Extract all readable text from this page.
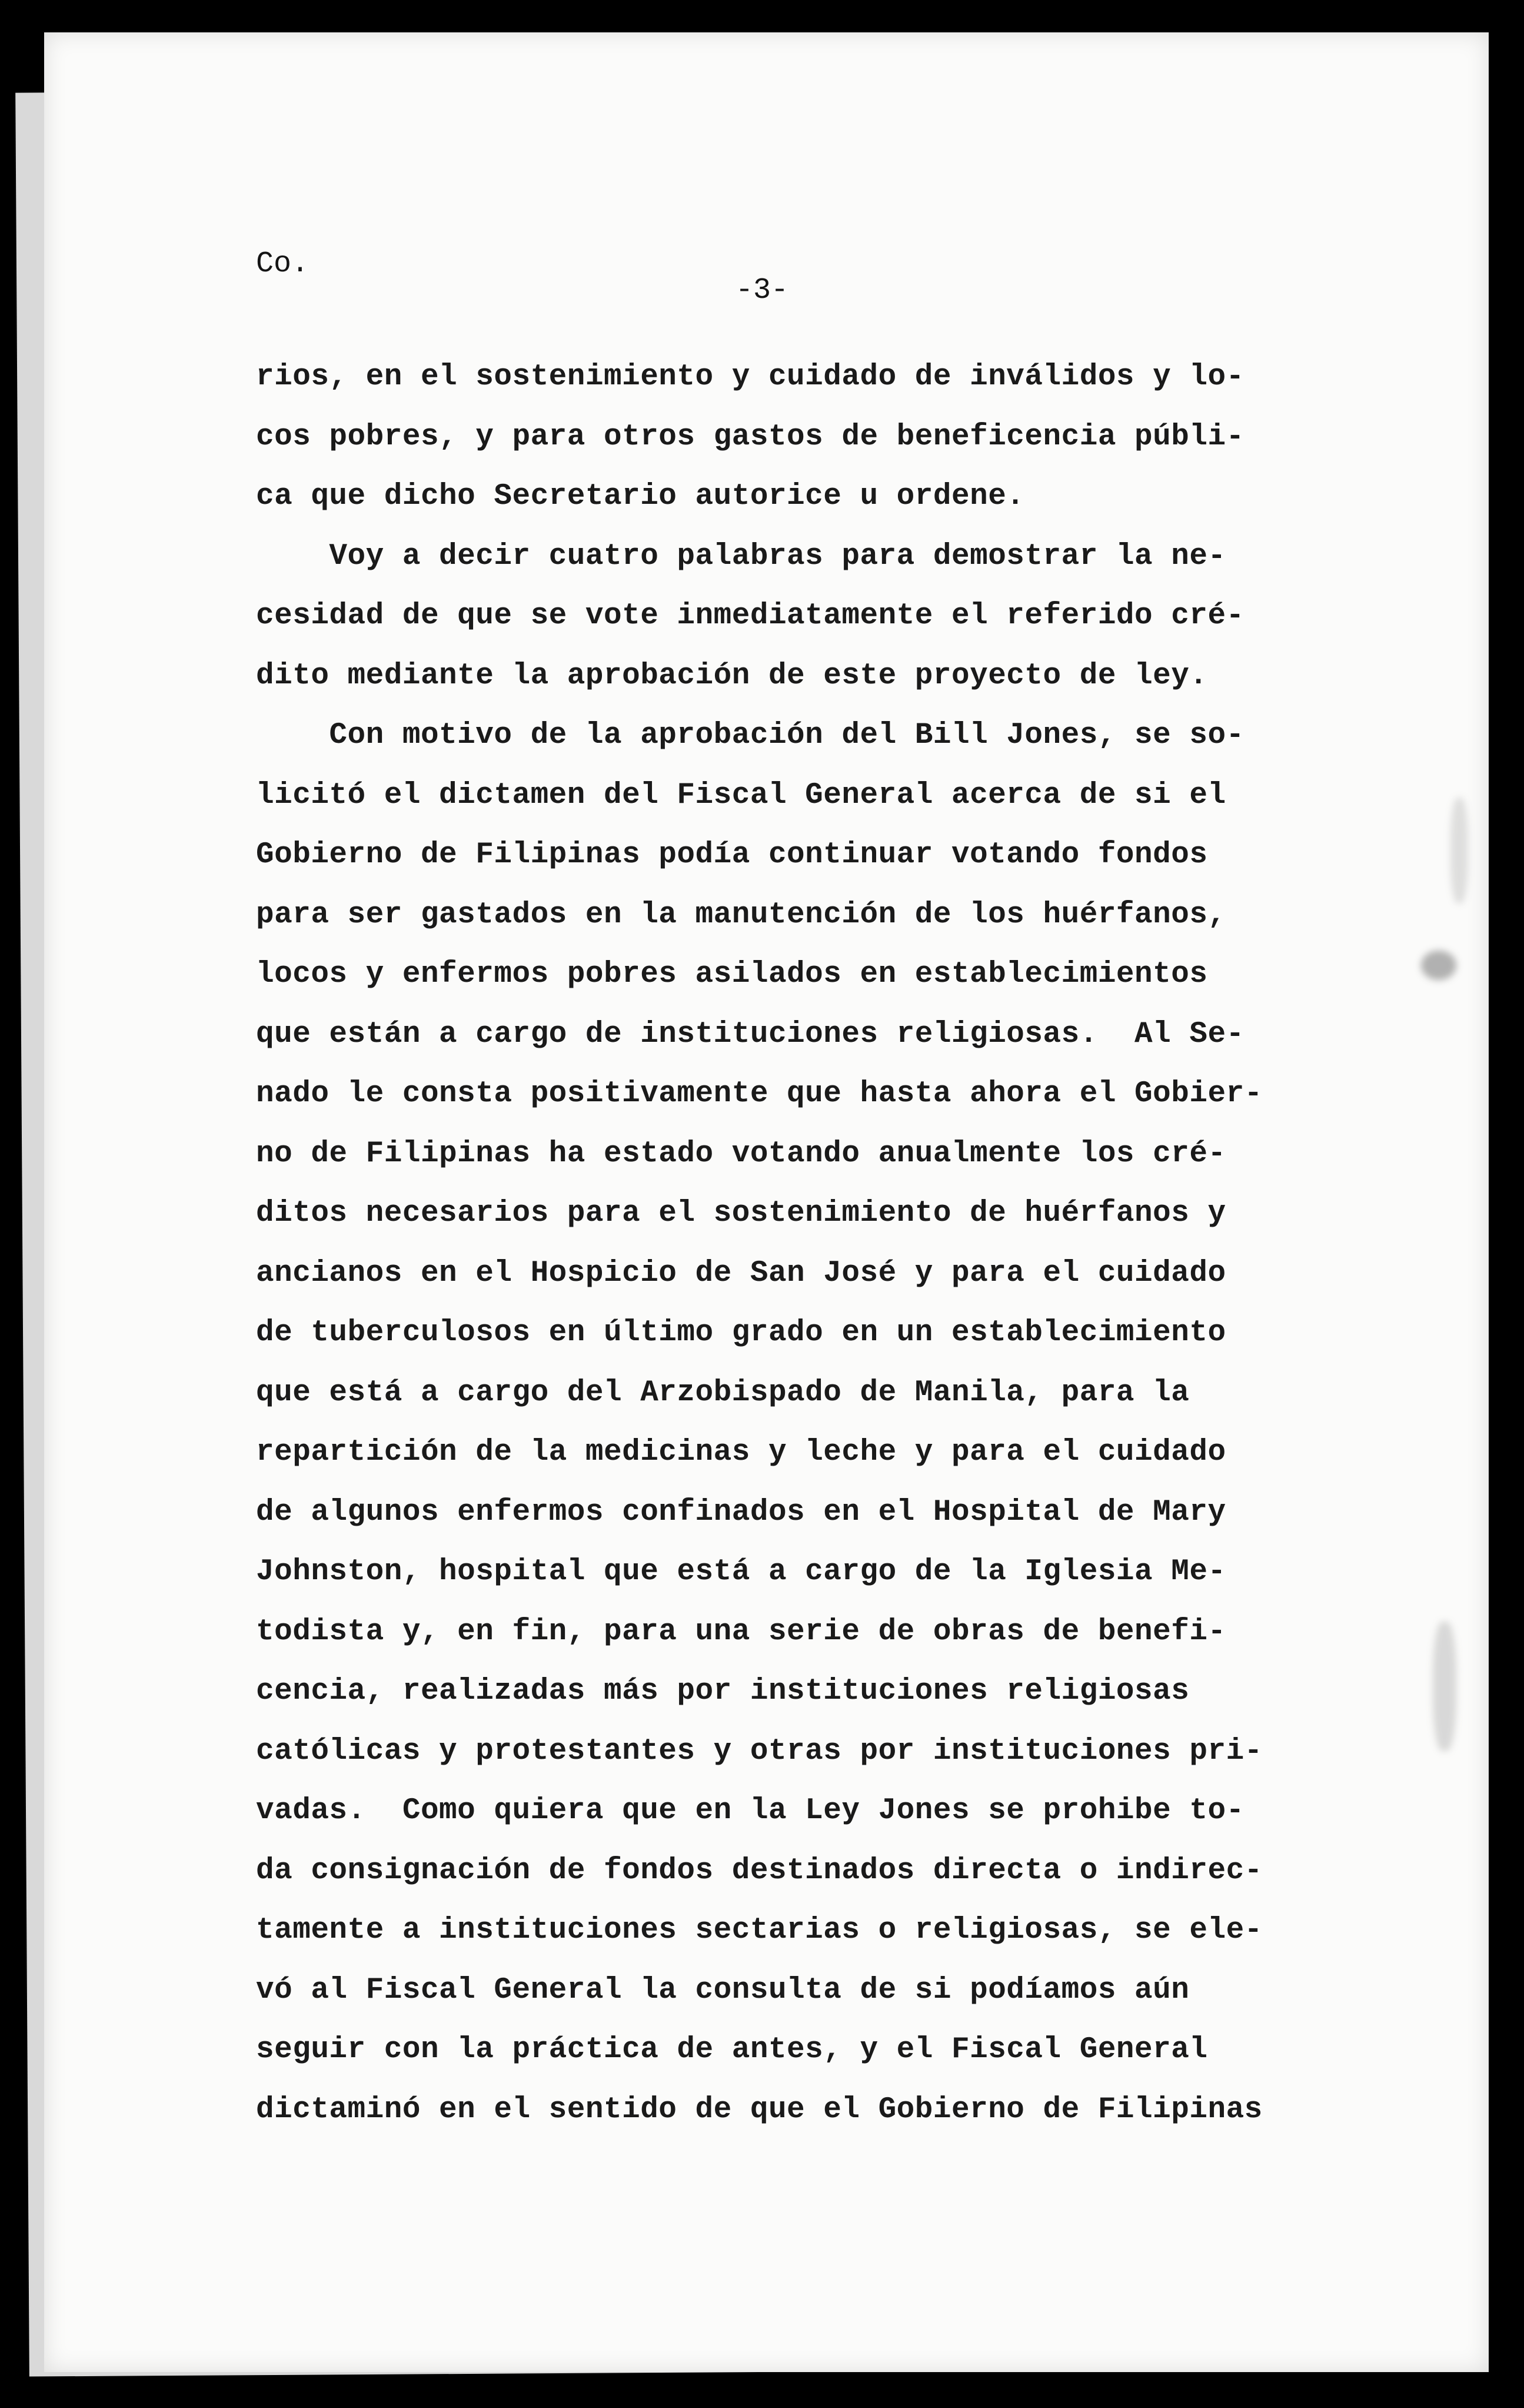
Co.

-3-

rios, en el sostenimiento y cuidado de inválidos y lo-
cos pobres, y para otros gastos de beneficencia públi-
ca que dicho Secretario autorice u ordene.
Voy a decir cuatro palabras para demostrar la ne-
cesidad de que se vote inmediatamente el referido cré-
dito mediante la aprobación de este proyecto de ley.
Con motivo de la aprobación del Bill Jones, se so-
licitó el dictamen del Fiscal General acerca de si el
Gobierno de Filipinas podía continuar votando fondos
para ser gastados en la manutención de los huérfanos,
locos y enfermos pobres asilados en establecimientos
que están a cargo de instituciones religiosas.  Al Se-
nado le consta positivamente que hasta ahora el Gobier-
no de Filipinas ha estado votando anualmente los cré-
ditos necesarios para el sostenimiento de huérfanos y
ancianos en el Hospicio de San José y para el cuidado
de tuberculosos en último grado en un establecimiento
que está a cargo del Arzobispado de Manila, para la
repartición de la medicinas y leche y para el cuidado
de algunos enfermos confinados en el Hospital de Mary
Johnston, hospital que está a cargo de la Iglesia Me-
todista y, en fin, para una serie de obras de benefi-
cencia, realizadas más por instituciones religiosas
católicas y protestantes y otras por instituciones pri-
vadas.  Como quiera que en la Ley Jones se prohibe to-
da consignación de fondos destinados directa o indirec-
tamente a instituciones sectarias o religiosas, se ele-
vó al Fiscal General la consulta de si podíamos aún
seguir con la práctica de antes, y el Fiscal General
dictaminó en el sentido de que el Gobierno de Filipinas
